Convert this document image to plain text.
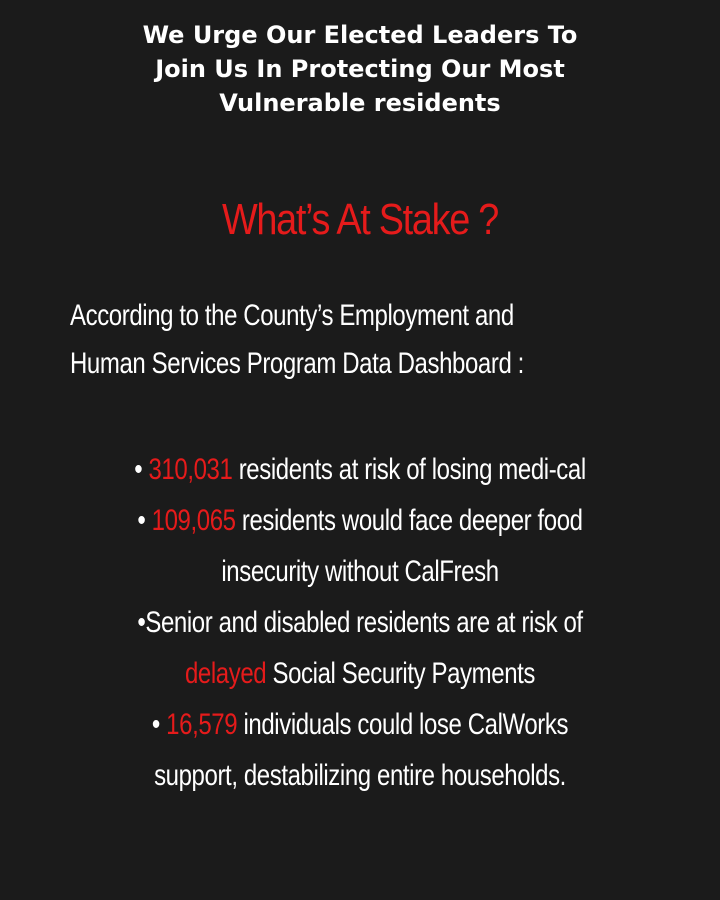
We Urge Our Elected Leaders To
Join Us In Protecting Our Most
Vulnerable residents
What’s At Stake ?
According to the County’s Employment and
Human Services Program Data Dashboard :
• 310,031 residents at risk of losing medi-cal
• 109,065 residents would face deeper food
insecurity without CalFresh
•Senior and disabled residents are at risk of
delayed Social Security Payments
• 16,579 individuals could lose CalWorks
support, destabilizing entire households.
